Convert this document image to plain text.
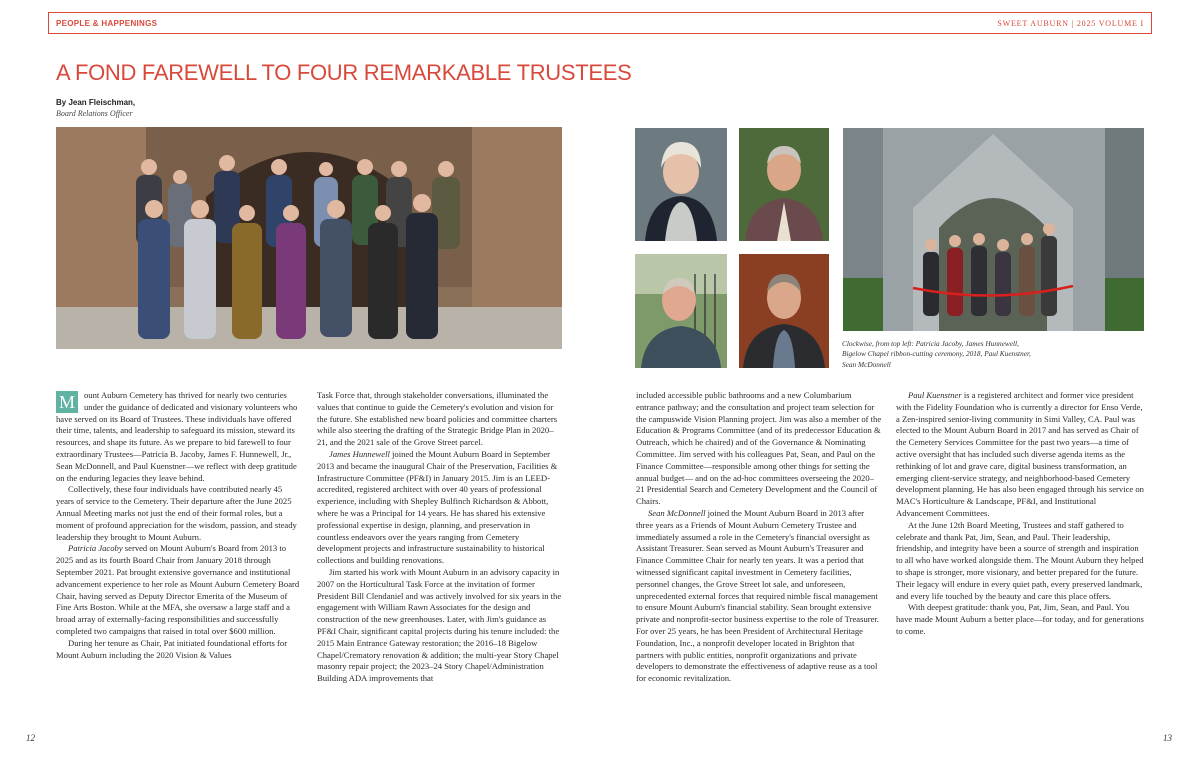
PEOPLE & HAPPENINGS	SWEET AUBURN | 2025 VOLUME I
A FOND FAREWELL TO FOUR REMARKABLE TRUSTEES
By Jean Fleischman,
Board Relations Officer
Clockwise, from top left: Patricia Jacoby, James Hunnewell, Bigelow Chapel ribbon-cutting ceremony, 2018, Paul Kuenstner, Sean McDonnell

M	ount Auburn Cemetery has thrived for nearly two centuries under the guidance of dedicated and visionary volunteers who have served on its Board of Trustees. These individuals have offered their time, talents, and leadership to safeguard its mission, steward its resources, and shape its future. As we prepare to bid farewell to four extraordinary Trustees—Patricia B. Jacoby, James F. Hunnewell, Jr., Sean McDonnell, and Paul Kuenstner—we reflect with deep gratitude on the enduring legacies they leave behind.

Collectively, these four individuals have contributed nearly 45 years of service to the Cemetery. Their departure after the June 2025 Annual Meeting marks not just the end of their formal roles, but a moment of profound appreciation for the wisdom, passion, and steady leadership they brought to Mount Auburn.

Patricia Jacoby served on Mount Auburn's Board from 2013 to 2025 and as its fourth Board Chair from January 2018 through September 2021. Pat brought extensive governance and institutional advancement experience to her role as Mount Auburn Cemetery Board Chair, having served as Deputy Director Emerita of the Museum of Fine Arts Boston. While at the MFA, she oversaw a large staff and a broad array of externally-facing responsibilities and successfully completed two campaigns that raised in total over $600 million.

During her tenure as Chair, Pat initiated foundational efforts for Mount Auburn including the 2020 Vision & Values

Task Force that, through stakeholder conversations, illuminated the values that continue to guide the Cemetery's evolution and vision for the future. She established new board policies and committee charters while also steering the drafting of the Strategic Bridge Plan in 2020–21, and the 2021 sale of the Grove Street parcel.

James Hunnewell joined the Mount Auburn Board in September 2013 and became the inaugural Chair of the Preservation, Facilities & Infrastructure Committee (PF&I) in January 2015. Jim is an LEED-accredited, registered architect with over 40 years of professional experience, including with Shepley Bulfinch Richardson & Abbott, where he was a Principal for 14 years. He has shared his extensive professional expertise in design, planning, and preservation in countless endeavors over the years ranging from Cemetery development projects and infrastructure sustainability to historical collections and building renovations.

Jim started his work with Mount Auburn in an advisory capacity in 2007 on the Horticultural Task Force at the invitation of former President Bill Clendaniel and was actively involved for six years in the engagement with William Rawn Associates for the design and construction of the new greenhouses. Later, with Jim's guidance as PF&I Chair, significant capital projects during his tenure included: the 2015 Main Entrance Gateway restoration; the 2016–18 Bigelow Chapel/Crematory renovation & addition; the multi-year Story Chapel masonry repair project; the 2023–24 Story Chapel/Administration Building ADA improvements that

included accessible public bathrooms and a new Columbarium entrance pathway; and the consultation and project team selection for the campuswide Vision Planning project. Jim was also a member of the Education & Programs Committee (and of its predecessor Education & Outreach, which he chaired) and of the Governance & Nominating Committee. Jim served with his colleagues Pat, Sean, and Paul on the Finance Committee—responsible among other things for setting the annual budget— and on the ad-hoc committees overseeing the 2020–21 Presidential Search and Cemetery Development and the Council of Chairs.

Sean McDonnell joined the Mount Auburn Board in 2013 after three years as a Friends of Mount Auburn Cemetery Trustee and immediately assumed a role in the Cemetery's financial oversight as Assistant Treasurer. Sean served as Mount Auburn's Treasurer and Finance Committee Chair for nearly ten years. It was a period that witnessed significant capital investment in Cemetery facilities, personnel changes, the Grove Street lot sale, and unforeseen, unprecedented external forces that required nimble fiscal management to ensure Mount Auburn's financial stability. Sean brought extensive private and nonprofit-sector business expertise to the role of Treasurer. For over 25 years, he has been President of Architectural Heritage Foundation, Inc., a nonprofit developer located in Brighton that partners with public entities, nonprofit organizations and private developers to demonstrate the effectiveness of adaptive reuse as a tool for economic revitalization.

Paul Kuenstner is a registered architect and former vice president with the Fidelity Foundation who is currently a director for Enso Verde, a Zen-inspired senior-living community in Simi Valley, CA. Paul was elected to the Mount Auburn Board in 2017 and has served as Chair of the Cemetery Services Committee for the past two years—a time of active oversight that has included such diverse agenda items as the rethinking of lot and grave care, digital business transformation, an emerging client-service strategy, and neighborhood-based Cemetery development planning. He has also been engaged through his service on MAC's Horticulture & Landscape, PF&I, and Institutional Advancement Committees.

At the June 12th Board Meeting, Trustees and staff gathered to celebrate and thank Pat, Jim, Sean, and Paul. Their leadership, friendship, and integrity have been a source of strength and inspiration to all who have worked alongside them. The Mount Auburn they helped to shape is stronger, more visionary, and better prepared for the future. Their legacy will endure in every quiet path, every preserved landmark, and every life touched by the beauty and care this place offers.

With deepest gratitude: thank you, Pat, Jim, Sean, and Paul. You have made Mount Auburn a better place—for today, and for generations to come.

12	13
